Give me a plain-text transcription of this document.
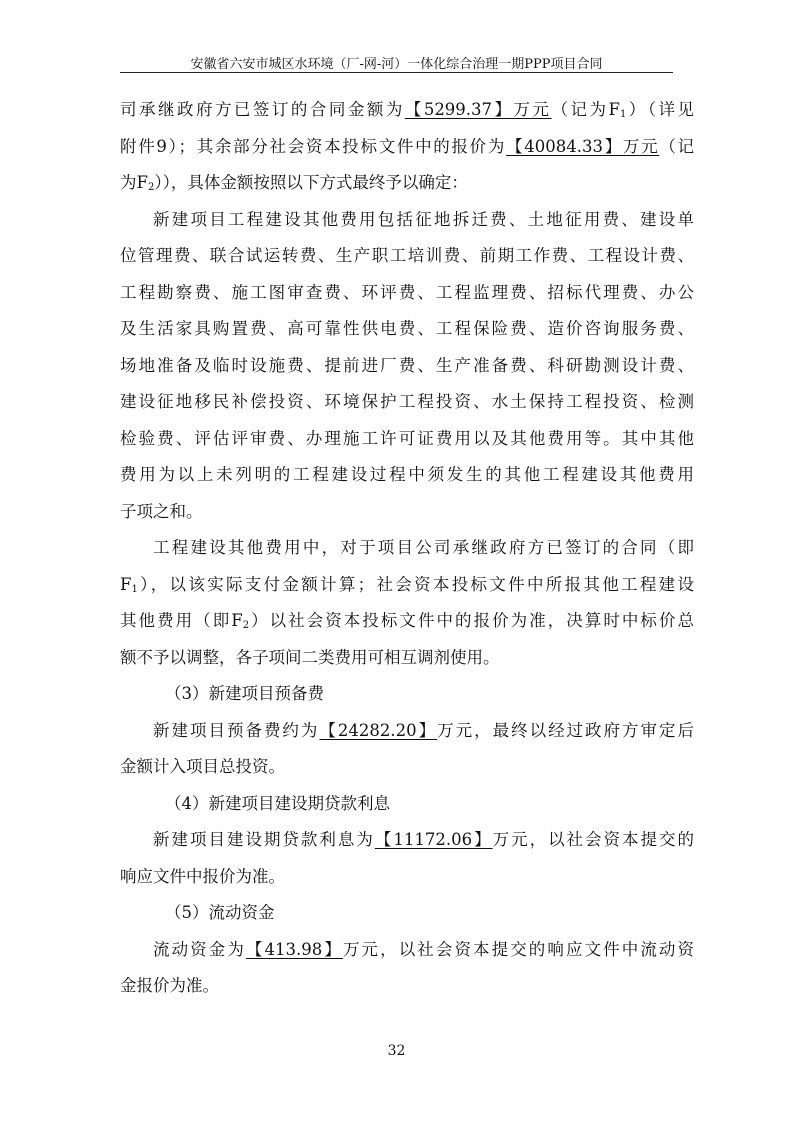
安徽省六安市城区水环境（厂-网-河）一体化综合治理一期PPP项目合同
司承继政府方已签订的合同金额为【5299.37】万元（记为$F_1$）（详见
附件9）；其余部分社会资本投标文件中的报价为【40084.33】万元（记
为$F_2$）），具体金额按照以下方式最终予以确定：
新建项目工程建设其他费用包括征地拆迁费、土地征用费、建设单
位管理费、联合试运转费、生产职工培训费、前期工作费、工程设计费、
工程勘察费、施工图审查费、环评费、工程监理费、招标代理费、办公
及生活家具购置费、高可靠性供电费、工程保险费、造价咨询服务费、
场地准备及临时设施费、提前进厂费、生产准备费、科研勘测设计费、
建设征地移民补偿投资、环境保护工程投资、水土保持工程投资、检测
检验费、评估评审费、办理施工许可证费用以及其他费用等。其中其他
费用为以上未列明的工程建设过程中须发生的其他工程建设其他费用
子项之和。
工程建设其他费用中，对于项目公司承继政府方已签订的合同（即
$F_1$），以该实际支付金额计算；社会资本投标文件中所报其他工程建设
其他费用（即$F_2$）以社会资本投标文件中的报价为准，决算时中标价总
额不予以调整，各子项间二类费用可相互调剂使用。
（3）新建项目预备费
新建项目预备费约为【24282.20】万元，最终以经过政府方审定后
金额计入项目总投资。
（4）新建项目建设期贷款利息
新建项目建设期贷款利息为【11172.06】万元，以社会资本提交的
响应文件中报价为准。
（5）流动资金
流动资金为【413.98】万元，以社会资本提交的响应文件中流动资
金报价为准。
32
